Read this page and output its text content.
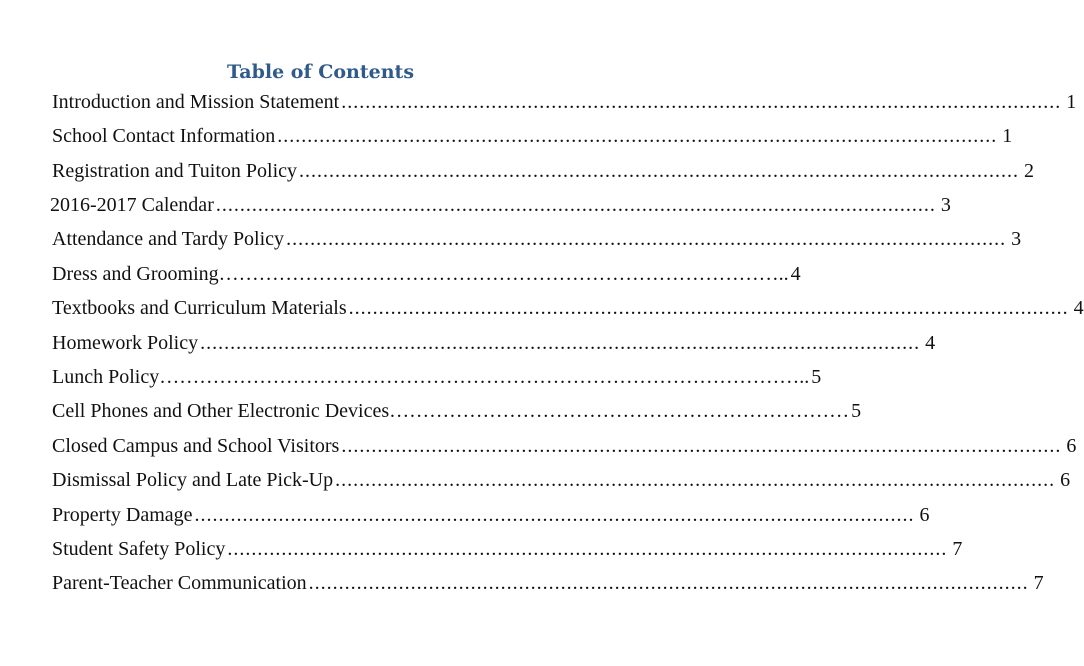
Table of Contents
Introduction and Mission Statement ........................................................................................................................ 1
School Contact Information ........................................................................................................................ 1
Registration and Tuiton Policy ........................................................................................................................ 2
2016-2017 Calendar ........................................................................................................................ 3
Attendance and Tardy Policy ........................................................................................................................ 3
Dress and Grooming ………………………………………………………………………….. 4
Textbooks and Curriculum Materials ........................................................................................................................ 4
Homework Policy ........................................................................................................................ 4
Lunch Policy …………………………………………………………………………………….. 5
Cell Phones and Other Electronic Devices …………………………………………………………… 5
Closed Campus and School Visitors ........................................................................................................................ 6
Dismissal Policy and Late Pick-Up ........................................................................................................................ 6
Property Damage ........................................................................................................................ 6
Student Safety Policy ........................................................................................................................ 7
Parent-Teacher Communication ........................................................................................................................ 7
